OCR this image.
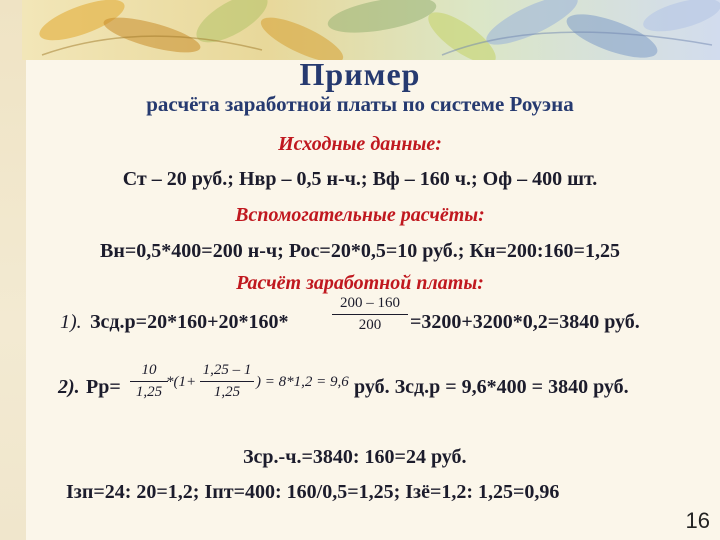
Пример
расчёта заработной платы по системе Роуэна
Исходные данные:
Ст – 20 руб.; Нвр – 0,5 н-ч.; Вф – 160 ч.; Оф – 400 шт.
Вспомогательные расчёты:
Вн=0,5*400=200 н-ч; Рос=20*0,5=10 руб.; Кн=200:160=1,25
Расчёт заработной платы:
1). Зсд.р=20*160+20*160*
200 – 160
200	=3200+3200*0,2=3840 руб.
2). Рр=
10
1,25
*(1+
1,25 – 1
1,25
) = 8*1,2 = 9,6 руб. Зсд.р = 9,6*400 = 3840 руб.
Зср.-ч.=3840: 160=24 руб.
Iзп=24: 20=1,2; Iпт=400: 160/0,5=1,25; Iзё=1,2: 1,25=0,96
16
